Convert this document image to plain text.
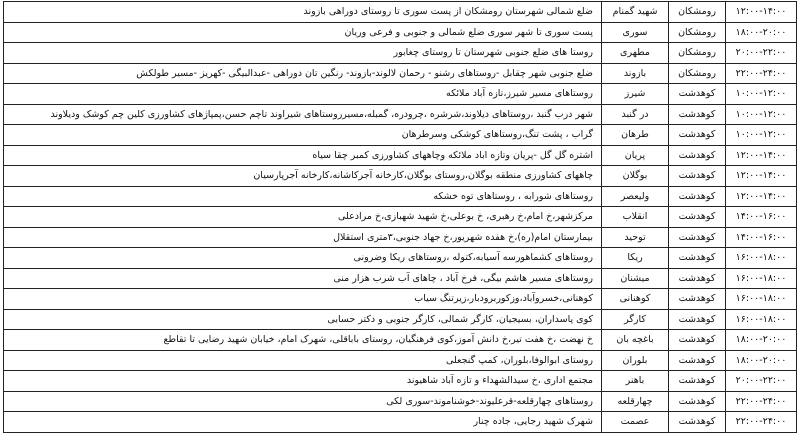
ضلع شمالی شهرستان رومشکان از پست سوری تا روستای دوراهی بازوند	شهید گمنام	رومشکان	۱۲:۰۰-۱۴:۰۰
پست سوری تا شهر سوری ضلع شمالی و جنوبی و فرعی وریان	سوری	رومشکان	۱۸:۰۰-۲۰:۰۰
روستا های ضلع جنوبی شهرستان تا روستای چغابور	مطهری	رومشکان	۲۰:۰۰-۲۲:۰۰
ضلع جنوبی شهر چقابل -روستاهای رشنو - رحمان لالوند-بازوند- رنگین تان دوراهی -عبدالبیگی -کهریز -مسیر طولکش	بازوند	رومشکان	۲۲:۰۰-۲۴:۰۰
روستاهای مسیر شیرز،تازه آباد ملائکه	شیرز	کوهدشت	۱۰:۰۰-۱۲:۰۰
شهر درب گنبد ،روستاهای دیلاوند،شرشره ،چرودره، گمبله،مسیرروستاهای شیراوند تاچم حسن،پمپاژهای کشاورزی کلین چم کوشک ودیلاوند	در گنبد	کوهدشت	۱۰:۰۰-۱۲:۰۰
گراب ، پشت تنگ،روستاهای کوشکی وسرطرهان	طرهان	کوهدشت	۱۰:۰۰-۱۲:۰۰
اشتره گل گل -پریان وتازه اباد ملائکه وچاههای کشاورزی کمبر چقا سیاه	پریان	کوهدشت	۱۲:۰۰-۱۴:۰۰
چاههای کشاورزی منطقه بوگلان،روستای بوگلان،کارخانه آجرکاشانه،کارخانه آجرپارسیان	بوگلان	کوهدشت	۱۲:۰۰-۱۴:۰۰
روستاهای شورابه ، روستاهای توه خشکه	ولیعصر	کوهدشت	۱۲:۰۰-۱۴:۰۰
مرکزشهر،خ امام،خ رهبری، خ بوعلی،خ شهید شهبازی،خ مرادعلی	انقلاب	کوهدشت	۱۴:۰۰-۱۶:۰۰
بیمارستان امام(ره)،خ هفده شهریور،خ جهاد جنوبی،۳متری استقلال	توحید	کوهدشت	۱۴:۰۰-۱۶:۰۰
روستاهای کشماهورسه آسیابه،کتوله ،روستاهای ریکا وضرونی	ریکا	کوهدشت	۱۶:۰۰-۱۸:۰۰
روستاهای مسیر هاشم بیگی، فرخ آباد ، چاهای آب شرب هزار منی	میشنان	کوهدشت	۱۶:۰۰-۱۸:۰۰
کوهنانی،خسروآباد،وزکوربرودبار،زیرتنگ سیاب	کوهنانی	کوهدشت	۱۶:۰۰-۱۸:۰۰
کوی پاسداران، بسیجیان، کارگر شمالی، کارگر جنوبی و دکتر حسابی	کارگر	کوهدشت	۱۶:۰۰-۱۸:۰۰
خ نهضت ،خ هفت تیر،خ دانش آموز،کوی فرهنگیان، روستای باباقلی، شهرک امام، خیابان شهید رضایی تا تقاطع	باغچه بان	کوهدشت	۱۸:۰۰-۲۰:۰۰
روستای ابوالوفا،بلوران، کمپ گنجعلی	بلوران	کوهدشت	۱۸:۰۰-۲۰:۰۰
مجتمع اداری ،خ سیدالشهداء و تازه آباد شاهیوند	باهنر	کوهدشت	۲۰:۰۰-۲۲:۰۰
روستاهای چهارقلعه-قرعلیوند-خوشناموند-سوری لکی	چهارقلعه	کوهدشت	۲۲:۰۰-۲۴:۰۰
شهرک شهید رجایی، جاده چنار	عصمت	کوهدشت	۲۲:۰۰-۲۴:۰۰
